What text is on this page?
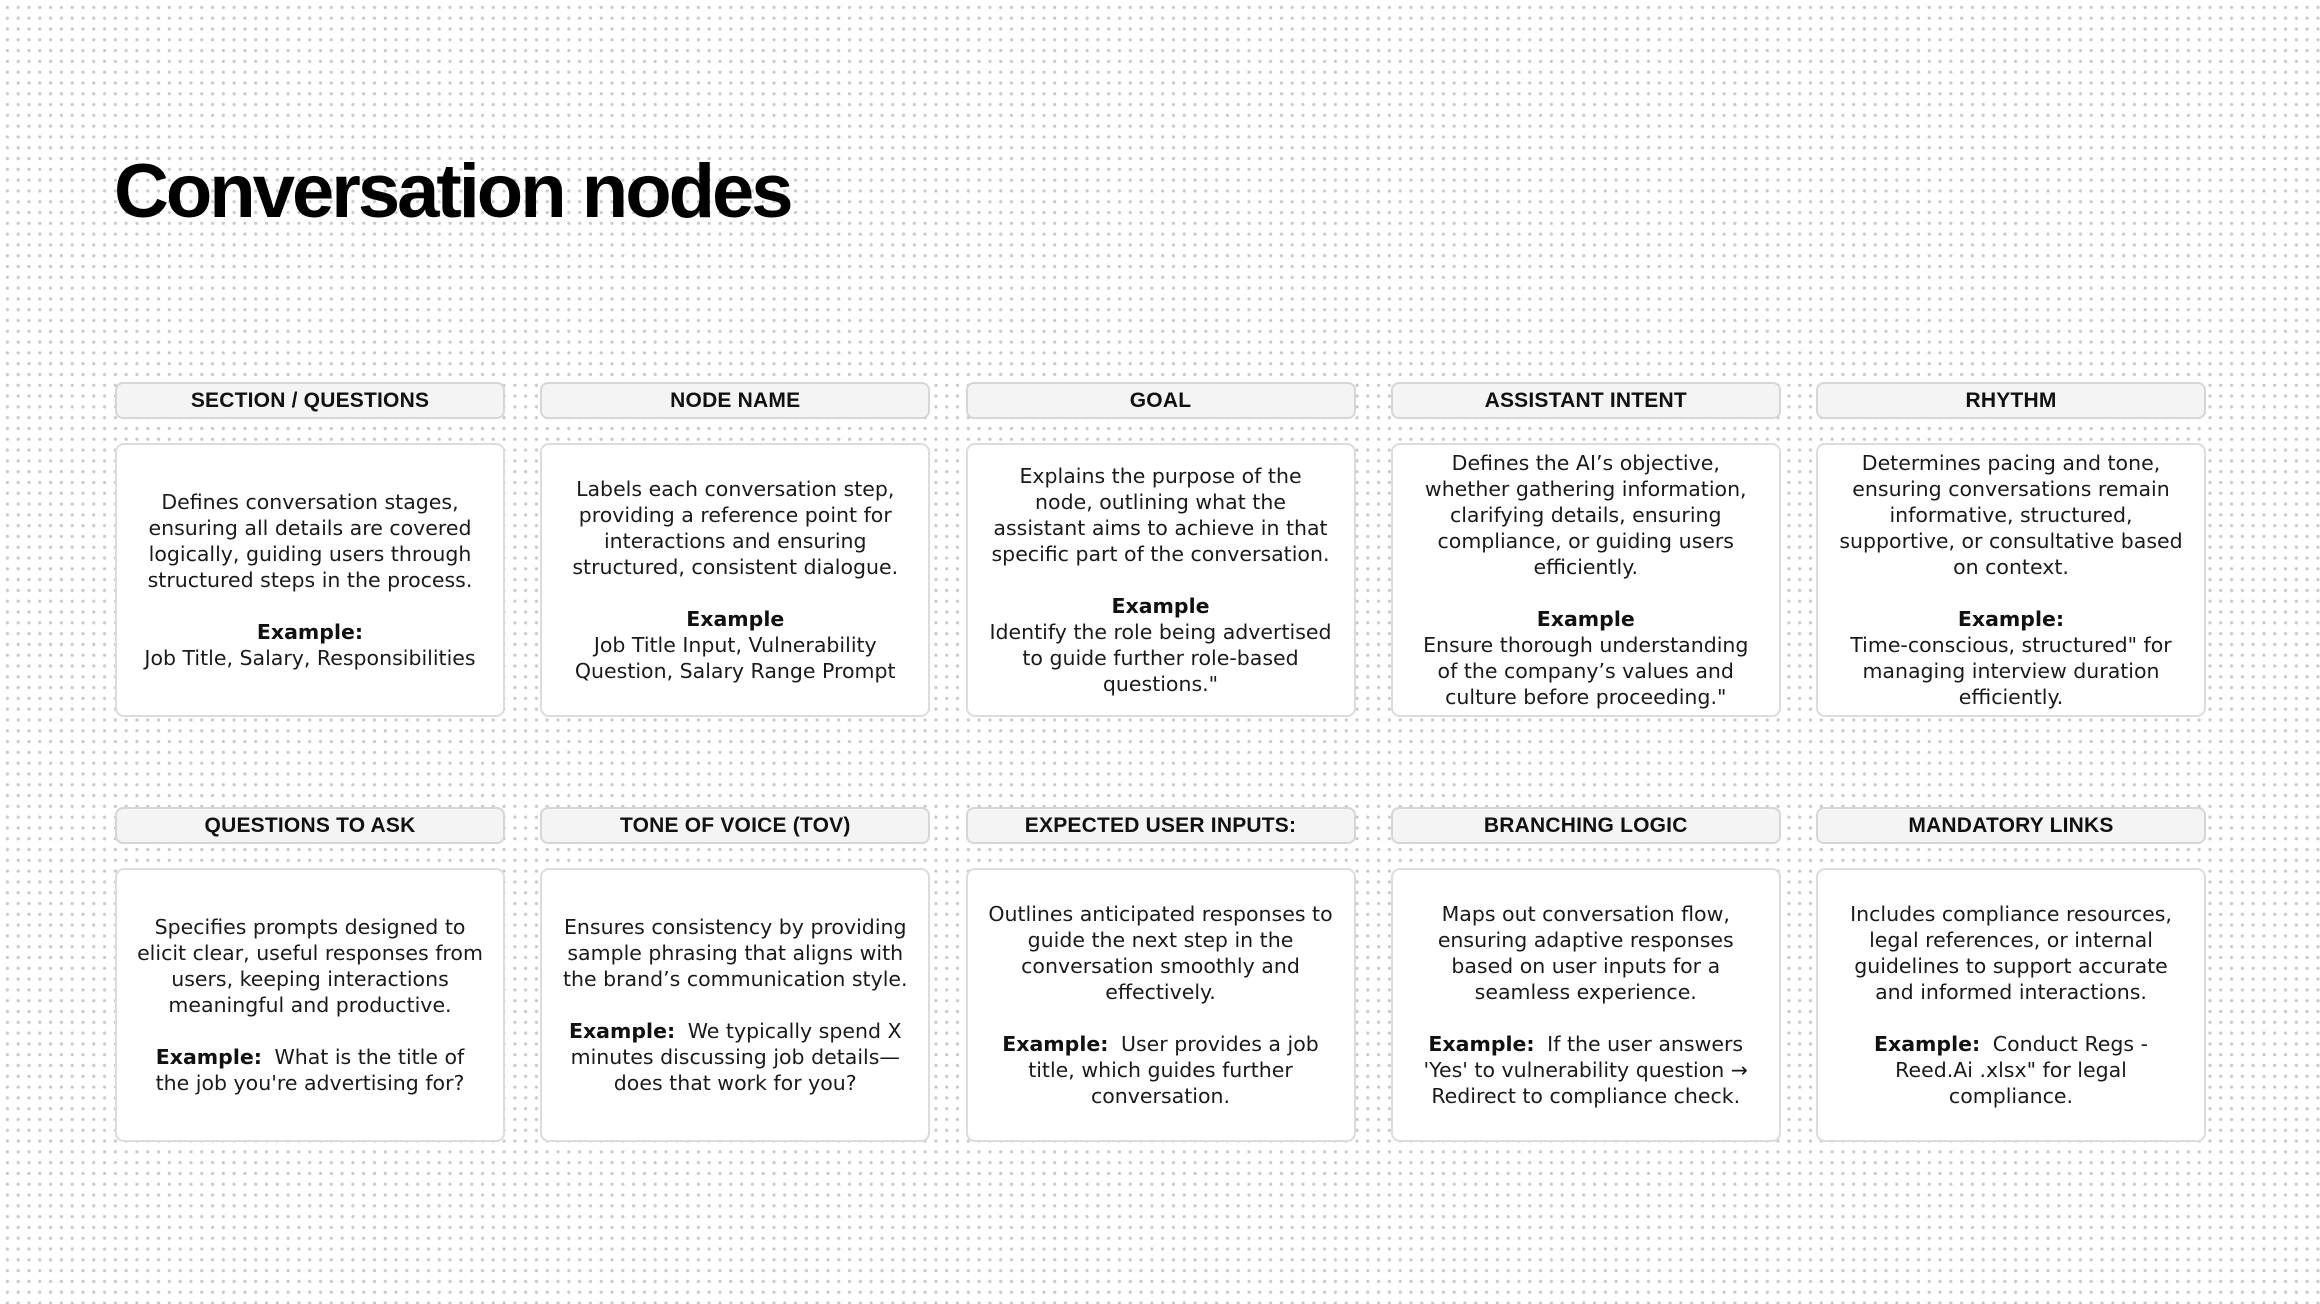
Conversation nodes
SECTION / QUESTIONS
Defines conversation stages, ensuring all details are covered logically, guiding users through structured steps in the process.
Example:
Job Title, Salary, Responsibilities
NODE NAME
Labels each conversation step, providing a reference point for interactions and ensuring structured, consistent dialogue.
Example
Job Title Input, Vulnerability Question, Salary Range Prompt
GOAL
Explains the purpose of the node, outlining what the assistant aims to achieve in that specific part of the conversation.
Example
Identify the role being advertised to guide further role-based questions."
ASSISTANT INTENT
Defines the AI’s objective, whether gathering information, clarifying details, ensuring compliance, or guiding users efficiently.
Example
Ensure thorough understanding of the company’s values and culture before proceeding."
RHYTHM
Determines pacing and tone, ensuring conversations remain informative, structured, supportive, or consultative based on context.
Example:
Time-conscious, structured" for managing interview duration efficiently.
QUESTIONS TO ASK
Specifies prompts designed to elicit clear, useful responses from users, keeping interactions meaningful and productive.
Example: What is the title of the job you're advertising for?
TONE OF VOICE (TOV)
Ensures consistency by providing sample phrasing that aligns with the brand’s communication style.
Example: We typically spend X minutes discussing job details—does that work for you?
EXPECTED USER INPUTS:
Outlines anticipated responses to guide the next step in the conversation smoothly and effectively.
Example: User provides a job title, which guides further conversation.
BRANCHING LOGIC
Maps out conversation flow, ensuring adaptive responses based on user inputs for a seamless experience.
Example: If the user answers 'Yes' to vulnerability question → Redirect to compliance check.
MANDATORY LINKS
Includes compliance resources, legal references, or internal guidelines to support accurate and informed interactions.
Example: Conduct Regs - Reed.Ai .xlsx" for legal compliance.
